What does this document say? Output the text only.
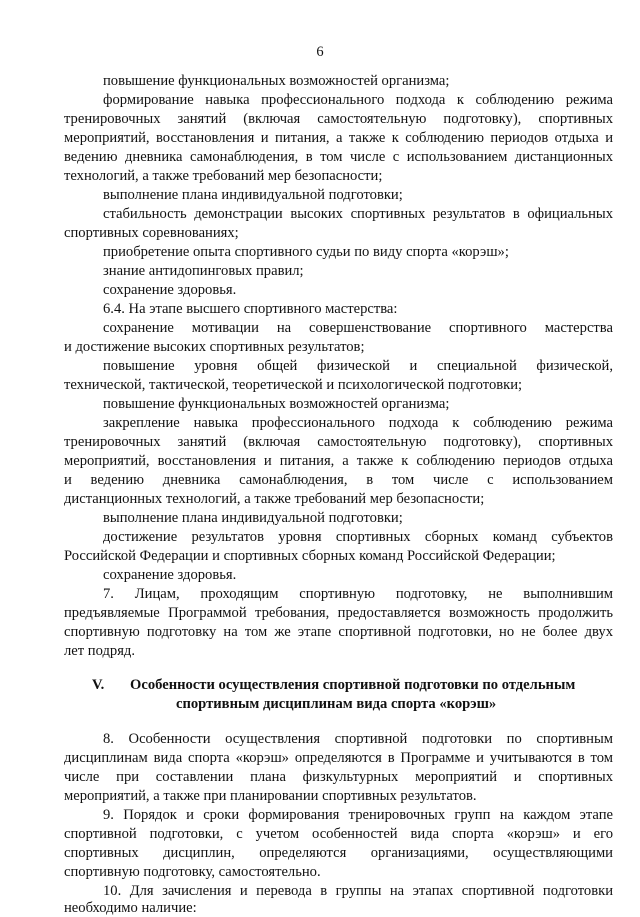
6
повышение функциональных возможностей организма;
формирование навыка профессионального подхода к соблюдению режима
тренировочных занятий (включая самостоятельную подготовку), спортивных
мероприятий, восстановления и питания, а также к соблюдению периодов отдыха и
ведению дневника самонаблюдения, в том числе с использованием дистанционных
технологий, а также требований мер безопасности;
выполнение плана индивидуальной подготовки;
стабильность демонстрации высоких спортивных результатов в официальных
спортивных соревнованиях;
приобретение опыта спортивного судьи по виду спорта «корэш»;
знание антидопинговых правил;
сохранение здоровья.
6.4. На этапе высшего спортивного мастерства:
сохранение мотивации на совершенствование спортивного мастерства
и достижение высоких спортивных результатов;
повышение уровня общей физической и специальной физической,
технической, тактической, теоретической и психологической подготовки;
повышение функциональных возможностей организма;
закрепление навыка профессионального подхода к соблюдению режима
тренировочных занятий (включая самостоятельную подготовку), спортивных
мероприятий, восстановления и питания, а также к соблюдению периодов отдыха
и ведению дневника самонаблюдения, в том числе с использованием
дистанционных технологий, а также требований мер безопасности;
выполнение плана индивидуальной подготовки;
достижение результатов уровня спортивных сборных команд субъектов
Российской Федерации и спортивных сборных команд Российской Федерации;
сохранение здоровья.
7. Лицам, проходящим спортивную подготовку, не выполнившим
предъявляемые Программой требования, предоставляется возможность продолжить
спортивную подготовку на том же этапе спортивной подготовки, но не более двух
лет подряд.
V. Особенности осуществления спортивной подготовки по отдельным
спортивным дисциплинам вида спорта «корэш»
8. Особенности осуществления спортивной подготовки по спортивным
дисциплинам вида спорта «корэш» определяются в Программе и учитываются в том
числе при составлении плана физкультурных мероприятий и спортивных
мероприятий, а также при планировании спортивных результатов.
9. Порядок и сроки формирования тренировочных групп на каждом этапе
спортивной подготовки, с учетом особенностей вида спорта «корэш» и его
спортивных дисциплин, определяются организациями, осуществляющими
спортивную подготовку, самостоятельно.
10. Для зачисления и перевода в группы на этапах спортивной подготовки
необходимо наличие:
